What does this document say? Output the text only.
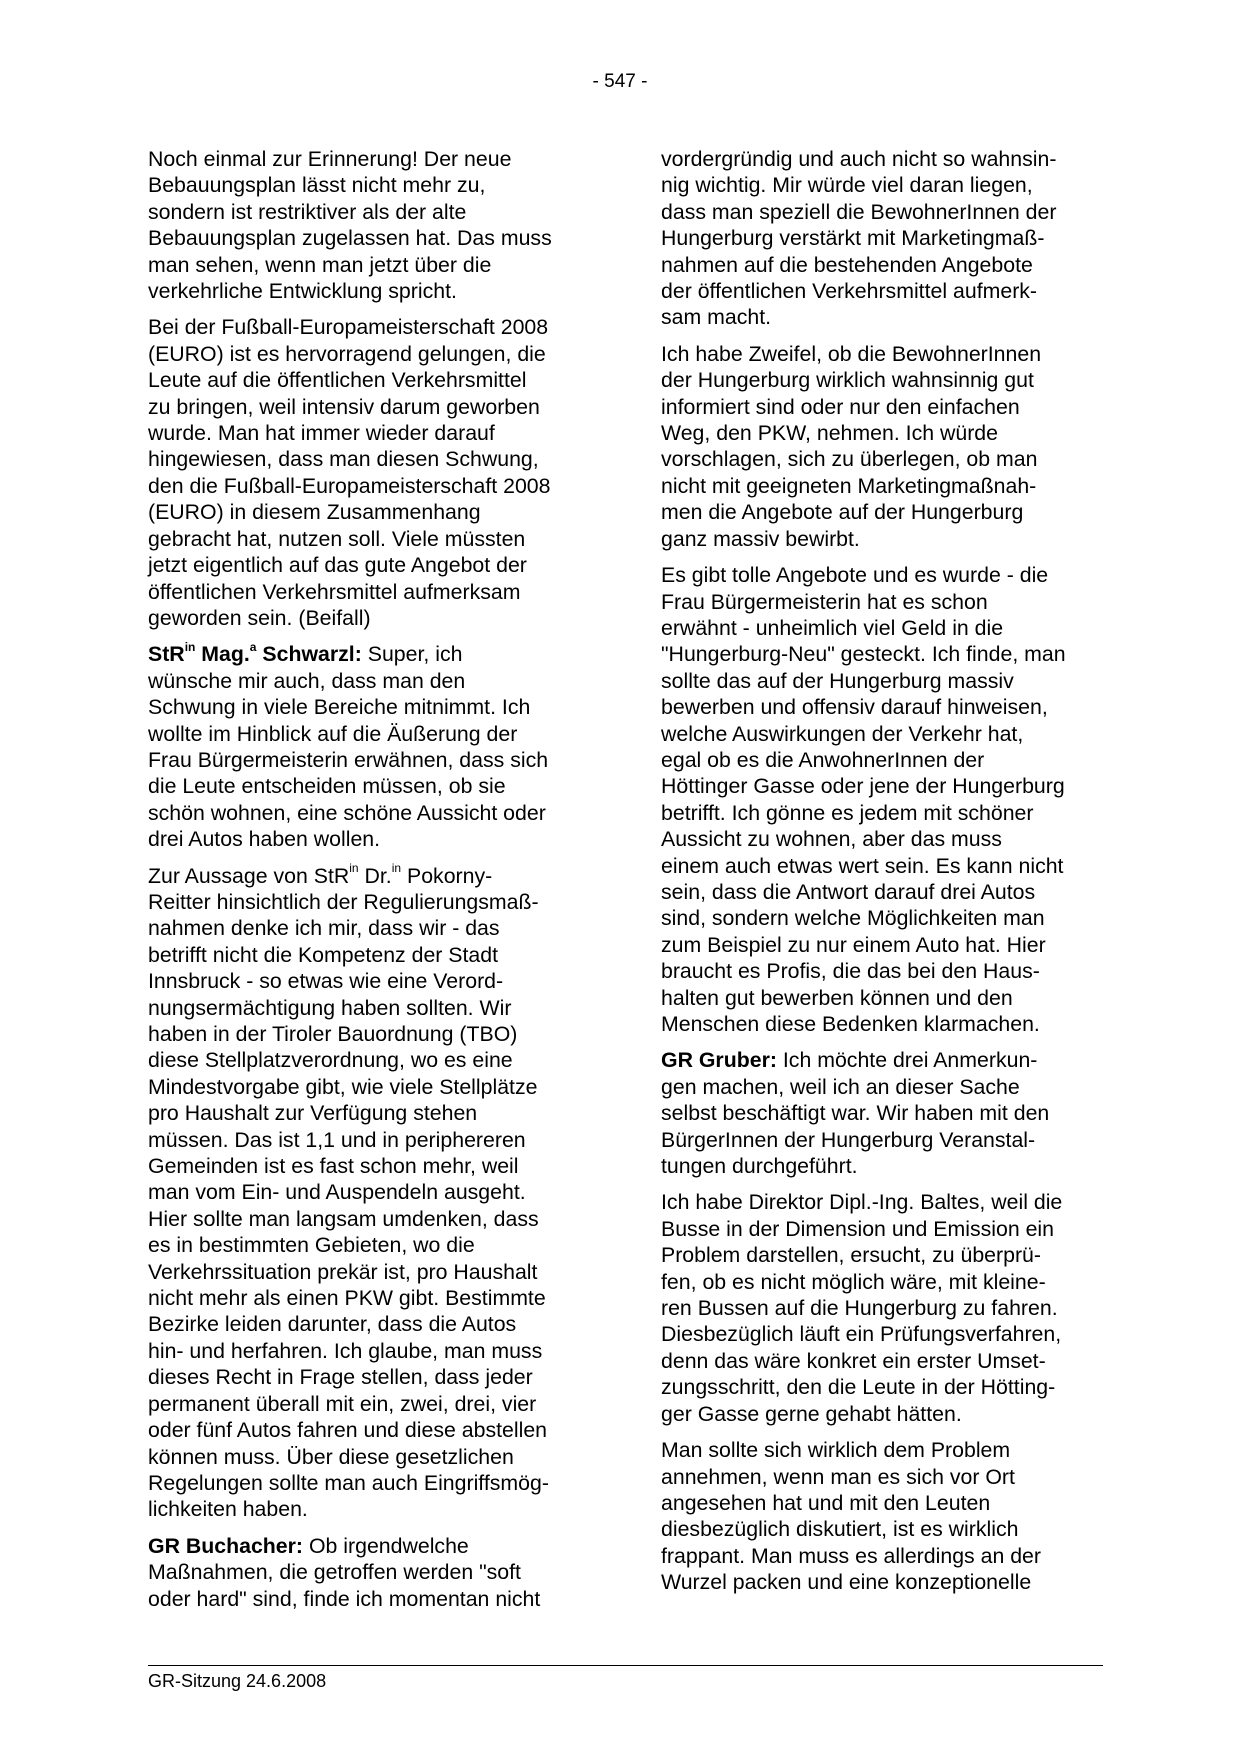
- 547 -

Noch einmal zur Erinnerung! Der neue
Bebauungsplan lässt nicht mehr zu,
sondern ist restriktiver als der alte
Bebauungsplan zugelassen hat. Das muss
man sehen, wenn man jetzt über die
verkehrliche Entwicklung spricht.

Bei der Fußball-Europameisterschaft 2008
(EURO) ist es hervorragend gelungen, die
Leute auf die öffentlichen Verkehrsmittel
zu bringen, weil intensiv darum geworben
wurde. Man hat immer wieder darauf
hingewiesen, dass man diesen Schwung,
den die Fußball-Europameisterschaft 2008
(EURO) in diesem Zusammenhang
gebracht hat, nutzen soll. Viele müssten
jetzt eigentlich auf das gute Angebot der
öffentlichen Verkehrsmittel aufmerksam
geworden sein. (Beifall)

StR$^{in}$ Mag.$^a$ Schwarzl: Super, ich
wünsche mir auch, dass man den
Schwung in viele Bereiche mitnimmt. Ich
wollte im Hinblick auf die Äußerung der
Frau Bürgermeisterin erwähnen, dass sich
die Leute entscheiden müssen, ob sie
schön wohnen, eine schöne Aussicht oder
drei Autos haben wollen.

Zur Aussage von StR$^{in}$ Dr.$^{in}$ Pokorny-
Reitter hinsichtlich der Regulierungsmaß-
nahmen denke ich mir, dass wir - das
betrifft nicht die Kompetenz der Stadt
Innsbruck - so etwas wie eine Verord-
nungsermächtigung haben sollten. Wir
haben in der Tiroler Bauordnung (TBO)
diese Stellplatzverordnung, wo es eine
Mindestvorgabe gibt, wie viele Stellplätze
pro Haushalt zur Verfügung stehen
müssen. Das ist 1,1 und in peripherеren
Gemeinden ist es fast schon mehr, weil
man vom Ein- und Auspendeln ausgeht.
Hier sollte man langsam umdenken, dass
es in bestimmten Gebieten, wo die
Verkehrssituation prekär ist, pro Haushalt
nicht mehr als einen PKW gibt. Bestimmte
Bezirke leiden darunter, dass die Autos
hin- und herfahren. Ich glaube, man muss
dieses Recht in Frage stellen, dass jeder
permanent überall mit ein, zwei, drei, vier
oder fünf Autos fahren und diese abstellen
können muss. Über diese gesetzlichen
Regelungen sollte man auch Eingriffsmög-
lichkeiten haben.

GR Buchacher: Ob irgendwelche
Maßnahmen, die getroffen werden "soft
oder hard" sind, finde ich momentan nicht

vordergründig und auch nicht so wahnsin-
nig wichtig. Mir würde viel daran liegen,
dass man speziell die BewohnerInnen der
Hungerburg verstärkt mit Marketingmaß-
nahmen auf die bestehenden Angebote
der öffentlichen Verkehrsmittel aufmerk-
sam macht.

Ich habe Zweifel, ob die BewohnerInnen
der Hungerburg wirklich wahnsinnig gut
informiert sind oder nur den einfachen
Weg, den PKW, nehmen. Ich würde
vorschlagen, sich zu überlegen, ob man
nicht mit geeigneten Marketingmaßnah-
men die Angebote auf der Hungerburg
ganz massiv bewirbt.

Es gibt tolle Angebote und es wurde - die
Frau Bürgermeisterin hat es schon
erwähnt - unheimlich viel Geld in die
"Hungerburg-Neu" gesteckt. Ich finde, man
sollte das auf der Hungerburg massiv
bewerben und offensiv darauf hinweisen,
welche Auswirkungen der Verkehr hat,
egal ob es die AnwohnerInnen der
Höttinger Gasse oder jene der Hungerburg
betrifft. Ich gönne es jedem mit schöner
Aussicht zu wohnen, aber das muss
einem auch etwas wert sein. Es kann nicht
sein, dass die Antwort darauf drei Autos
sind, sondern welche Möglichkeiten man
zum Beispiel zu nur einem Auto hat. Hier
braucht es Profis, die das bei den Haus-
halten gut bewerben können und den
Menschen diese Bedenken klarmachen.

GR Gruber: Ich möchte drei Anmerkun-
gen machen, weil ich an dieser Sache
selbst beschäftigt war. Wir haben mit den
BürgerInnen der Hungerburg Veranstal-
tungen durchgeführt.

Ich habe Direktor Dipl.-Ing. Baltes, weil die
Busse in der Dimension und Emission ein
Problem darstellen, ersucht, zu überprü-
fen, ob es nicht möglich wäre, mit kleine-
ren Bussen auf die Hungerburg zu fahren.
Diesbezüglich läuft ein Prüfungsverfahren,
denn das wäre konkret ein erster Umset-
zungsschritt, den die Leute in der Hötting-
ger Gasse gerne gehabt hätten.

Man sollte sich wirklich dem Problem
annehmen, wenn man es sich vor Ort
angesehen hat und mit den Leuten
diesbezüglich diskutiert, ist es wirklich
frappant. Man muss es allerdings an der
Wurzel packen und eine konzeptionelle

GR-Sitzung 24.6.2008
